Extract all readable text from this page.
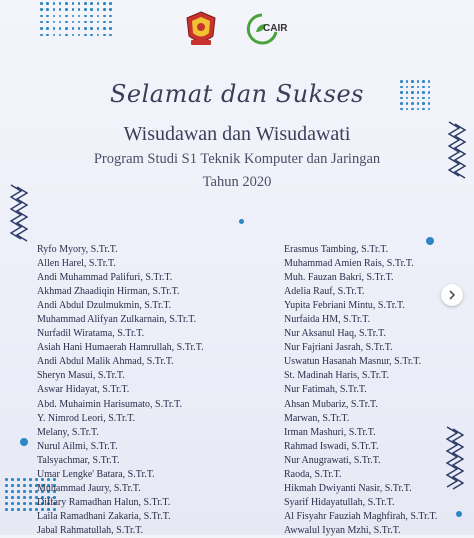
CAIR
Selamat dan Sukses
Wisudawan dan Wisudawati
Program Studi S1 Teknik Komputer dan Jaringan
Tahun 2020
Ryfo Myory, S.Tr.T.
Allen Harel, S.Tr.T.
Andi Muhammad Palifuri, S.Tr.T.
Akhmad Zhaadiqin Hirman, S.Tr.T.
Andi Abdul Dzulmukmin, S.Tr.T.
Muhammad Alifyan Zulkarnain, S.Tr.T.
Nurfadil Wiratama, S.Tr.T.
Asiah Hani Humaerah Hamrullah, S.Tr.T.
Andi Abdul Malik Ahmad, S.Tr.T.
Sheryn Masui, S.Tr.T.
Aswar Hidayat, S.Tr.T.
Abd. Muhaimin Harisumato, S.Tr.T.
Y. Nimrod Leori, S.Tr.T.
Melany, S.Tr.T.
Nurul Ailmi, S.Tr.T.
Talsyachmar, S.Tr.T.
Umar Lengke' Batara, S.Tr.T.
Muhammad Jaury, S.Tr.T.
Diffary Ramadhan Halun, S.Tr.T.
Laila Ramadhani Zakaria, S.Tr.T.
Jabal Rahmatullah, S.Tr.T.
Erasmus Tambing, S.Tr.T.
Muhammad Amien Rais, S.Tr.T.
Muh. Fauzan Bakri, S.Tr.T.
Adelia Rauf, S.Tr.T.
Yupita Febriani Mintu, S.Tr.T.
Nurfaida HM, S.Tr.T.
Nur Aksanul Haq, S.Tr.T.
Nur Fajriani Jasrah, S.Tr.T.
Uswatun Hasanah Masnur, S.Tr.T.
St. Madinah Haris, S.Tr.T.
Nur Fatimah, S.Tr.T.
Ahsan Mubariz, S.Tr.T.
Marwan, S.Tr.T.
Irman Mashuri, S.Tr.T.
Rahmad Iswadi, S.Tr.T.
Nur Anugrawati, S.Tr.T.
Raoda, S.Tr.T.
Hikmah Dwiyanti Nasir, S.Tr.T.
Syarif Hidayatullah, S.Tr.T.
Al Fisyahr Fauziah Maghfirah, S.Tr.T.
Awwalul Iyyan Mzhi, S.Tr.T.
